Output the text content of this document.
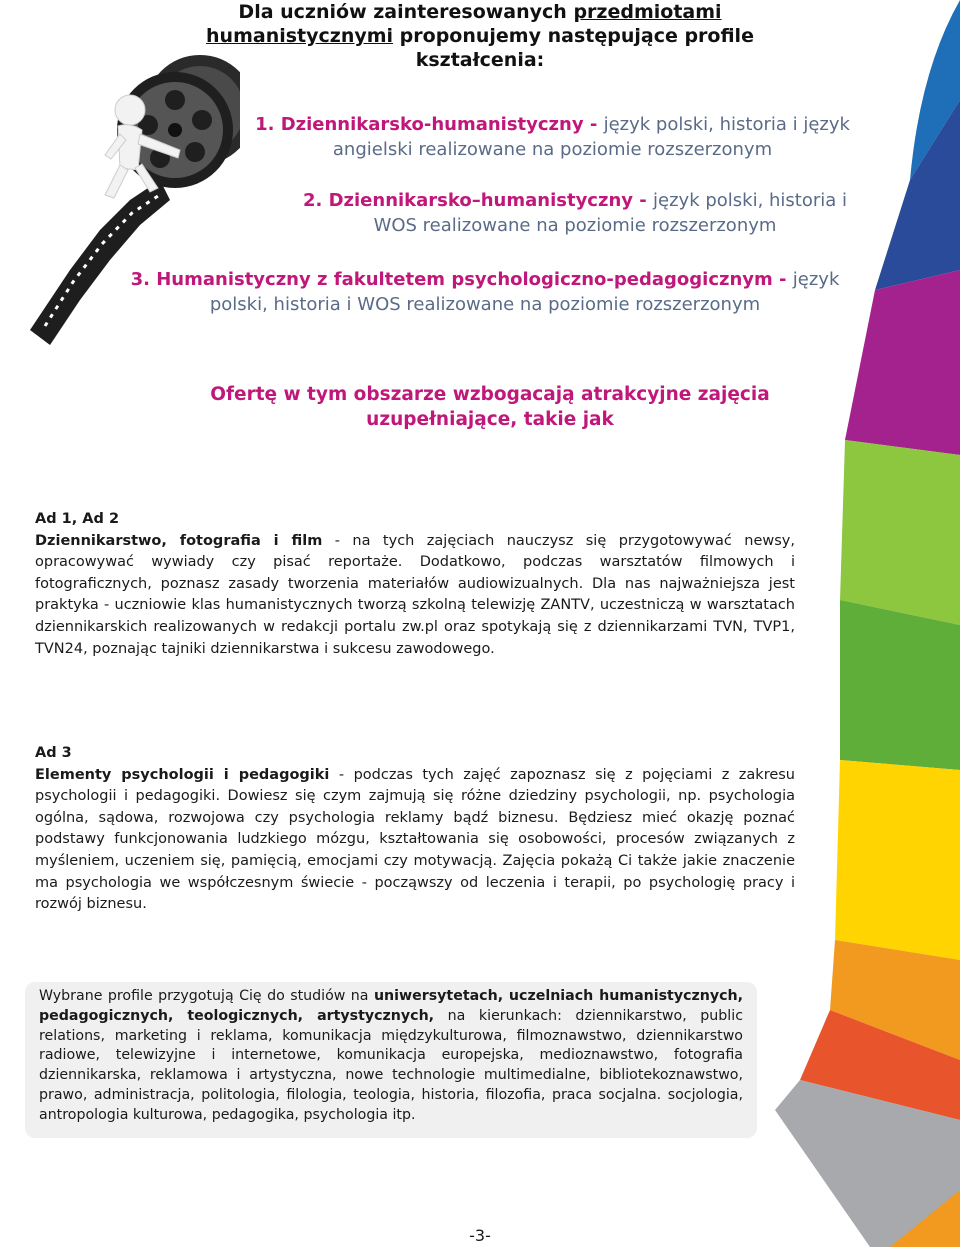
Dla uczniów zainteresowanych przedmiotami
humanistycznymi proponujemy następujące profile
kształcenia:
1. Dziennikarsko-humanistyczny - język polski, historia i język angielski realizowane na poziomie rozszerzonym
2. Dziennikarsko–humanistyczny - język polski, historia i WOS realizowane na poziomie rozszerzonym
3. Humanistyczny z fakultetem psychologiczno-pedagogicznym - język polski, historia i WOS realizowane na poziomie rozszerzonym
Ofertę w tym obszarze wzbogacają atrakcyjne zajęcia uzupełniające, takie jak

Ad 1, Ad 2

Dziennikarstwo, fotografia i film - na tych zajęciach nauczysz się przygotowywać newsy, opracowywać wywiady czy pisać reportaże. Dodatkowo, podczas warsztatów filmowych i fotograficznych, poznasz zasady tworzenia materiałów audiowizualnych. Dla nas najważniejsza jest praktyka - uczniowie klas humanistycznych tworzą szkolną telewizję ZANTV, uczestniczą w warsztatach dziennikarskich realizowanych w redakcji portalu zw.pl oraz spotykają się z dziennikarzami TVN, TVP1, TVN24, poznając tajniki dziennikarstwa i sukcesu zawodowego.

Ad 3

Elementy psychologii i pedagogiki - podczas tych zajęć zapoznasz się z pojęciami z zakresu psychologii i pedagogiki. Dowiesz się czym zajmują się różne dziedziny psychologii, np. psychologia ogólna, sądowa, rozwojowa czy psychologia reklamy bądź biznesu. Będziesz mieć okazję poznać podstawy funkcjonowania ludzkiego mózgu, kształtowania się osobowości, procesów związanych z myśleniem, uczeniem się, pamięcią, emocjami czy motywacją. Zajęcia pokażą Ci także jakie znaczenie ma psychologia we współczesnym świecie - począwszy od leczenia i terapii, po psychologię pracy i rozwój biznesu.

Wybrane profile przygotują Cię do studiów na uniwersytetach, uczelniach humanistycznych, pedagogicznych, teologicznych, artystycznych, na kierunkach: dziennikarstwo, public relations, marketing i reklama, komunikacja międzykulturowa, filmoznawstwo, dziennikarstwo radiowe, telewizyjne i internetowe, komunikacja europejska, medioznawstwo, fotografia dziennikarska, reklamowa i artystyczna, nowe technologie multimedialne, bibliotekoznawstwo, prawo, administracja, politologia, filologia, teologia, historia, filozofia, praca socjalna. socjologia, antropologia kulturowa, pedagogika, psychologia itp.
-3-
